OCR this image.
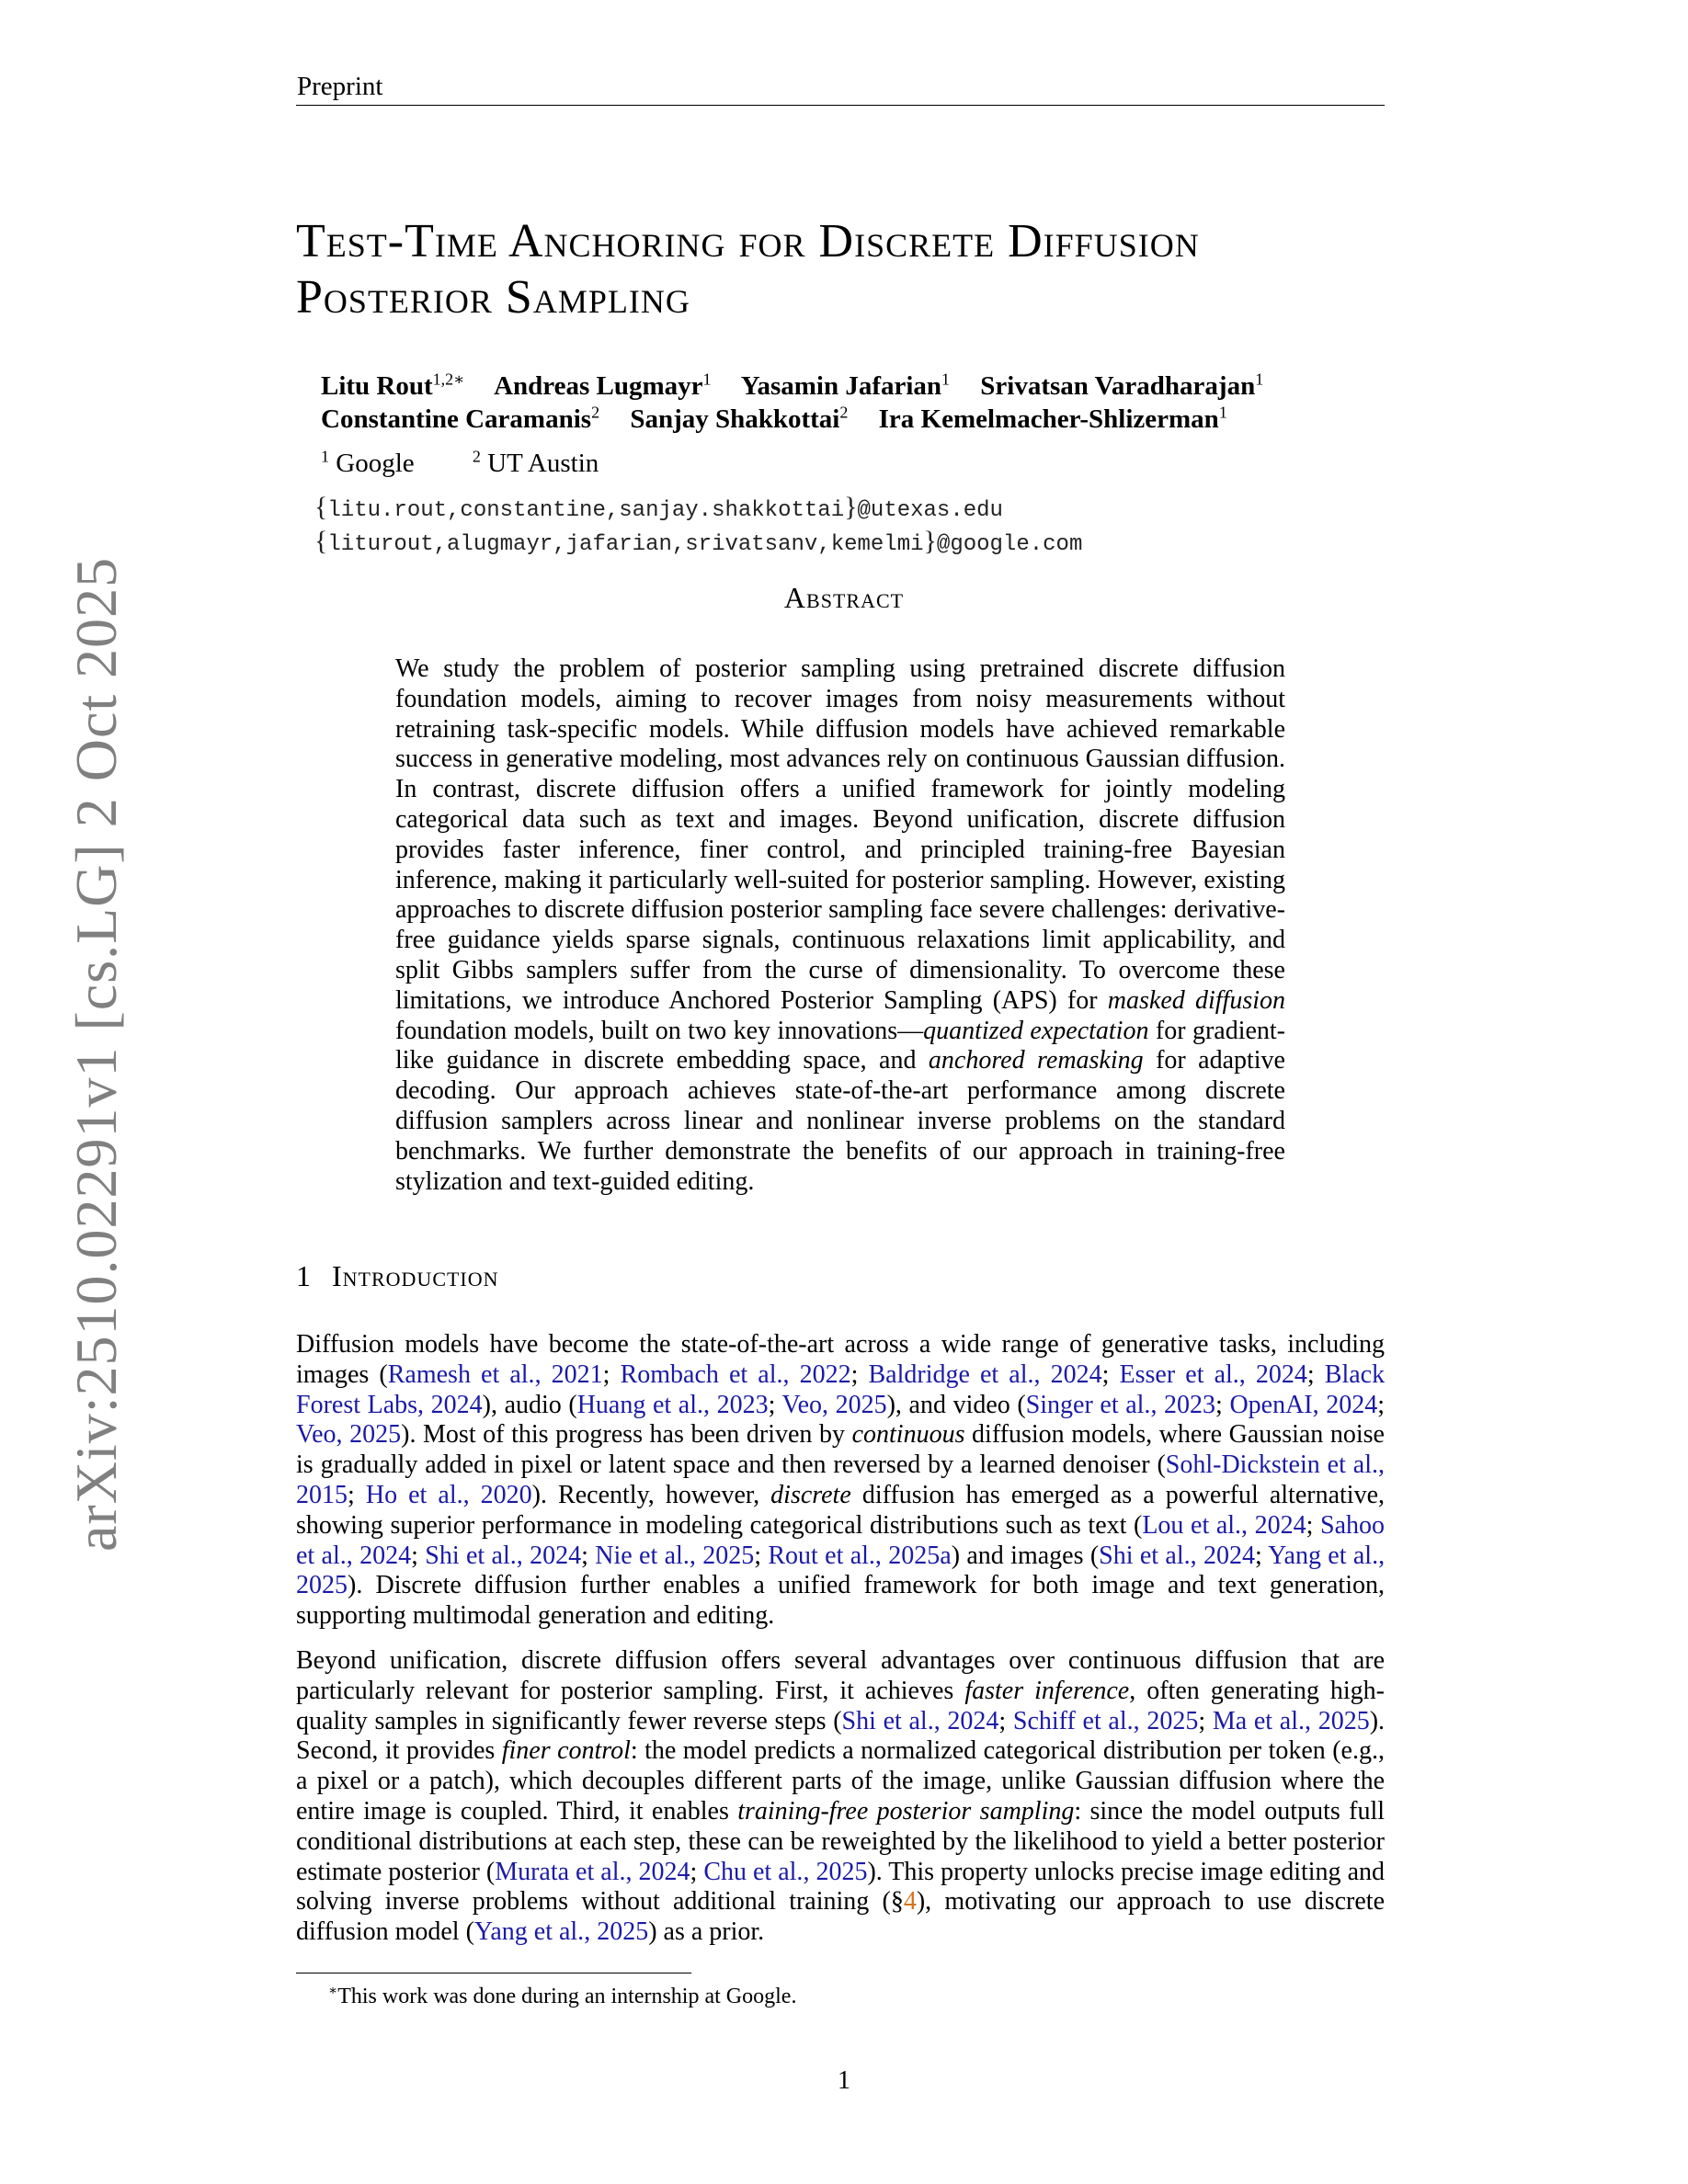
Preprint
arXiv:2510.02291v1 [cs.LG] 2 Oct 2025
Test-Time Anchoring for Discrete Diffusion Posterior Sampling
Litu Rout$^{1,2∗}$ Andreas Lugmayr$^1$ Yasamin Jafarian$^1$ Srivatsan Varadharajan$^1$
Constantine Caramanis$^2$ Sanjay Shakkottai$^2$ Ira Kemelmacher-Shlizerman$^1$
$^1$ Google	$^2$ UT Austin
{litu.rout,constantine,sanjay.shakkottai}@utexas.edu
{liturout,alugmayr,jafarian,srivatsanv,kemelmi}@google.com
Abstract
We study the problem of posterior sampling using pretrained discrete diffusion foundation models, aiming to recover images from noisy measurements without retraining task-specific models. While diffusion models have achieved remarkable success in generative modeling, most advances rely on continuous Gaussian diffusion. In contrast, discrete diffusion offers a unified framework for jointly modeling categorical data such as text and images. Beyond unification, discrete diffusion provides faster inference, finer control, and principled training-free Bayesian inference, making it particularly well-suited for posterior sampling. However, existing approaches to discrete diffusion posterior sampling face severe challenges: derivative-free guidance yields sparse signals, continuous relaxations limit applicability, and split Gibbs samplers suffer from the curse of dimensionality. To overcome these limitations, we introduce Anchored Posterior Sampling (APS) for masked diffusion foundation models, built on two key innovations—quantized expectation for gradient-like guidance in discrete embedding space, and anchored remasking for adaptive decoding. Our approach achieves state-of-the-art performance among discrete diffusion samplers across linear and nonlinear inverse problems on the standard benchmarks. We further demonstrate the benefits of our approach in training-free stylization and text-guided editing.
1 Introduction
Diffusion models have become the state-of-the-art across a wide range of generative tasks, including images (Ramesh et al., 2021; Rombach et al., 2022; Baldridge et al., 2024; Esser et al., 2024; Black Forest Labs, 2024), audio (Huang et al., 2023; Veo, 2025), and video (Singer et al., 2023; OpenAI, 2024; Veo, 2025). Most of this progress has been driven by continuous diffusion models, where Gaussian noise is gradually added in pixel or latent space and then reversed by a learned denoiser (Sohl-Dickstein et al., 2015; Ho et al., 2020). Recently, however, discrete diffusion has emerged as a powerful alternative, showing superior performance in modeling categorical distributions such as text (Lou et al., 2024; Sahoo et al., 2024; Shi et al., 2024; Nie et al., 2025; Rout et al., 2025a) and images (Shi et al., 2024; Yang et al., 2025). Discrete diffusion further enables a unified framework for both image and text generation, supporting multimodal generation and editing.
Beyond unification, discrete diffusion offers several advantages over continuous diffusion that are particularly relevant for posterior sampling. First, it achieves faster inference, often generating high-quality samples in significantly fewer reverse steps (Shi et al., 2024; Schiff et al., 2025; Ma et al., 2025). Second, it provides finer control: the model predicts a normalized categorical distribution per token (e.g., a pixel or a patch), which decouples different parts of the image, unlike Gaussian diffusion where the entire image is coupled. Third, it enables training-free posterior sampling: since the model outputs full conditional distributions at each step, these can be reweighted by the likelihood to yield a better posterior estimate posterior (Murata et al., 2024; Chu et al., 2025). This property unlocks precise image editing and solving inverse problems without additional training (§4), motivating our approach to use discrete diffusion model (Yang et al., 2025) as a prior.
∗This work was done during an internship at Google.
1
